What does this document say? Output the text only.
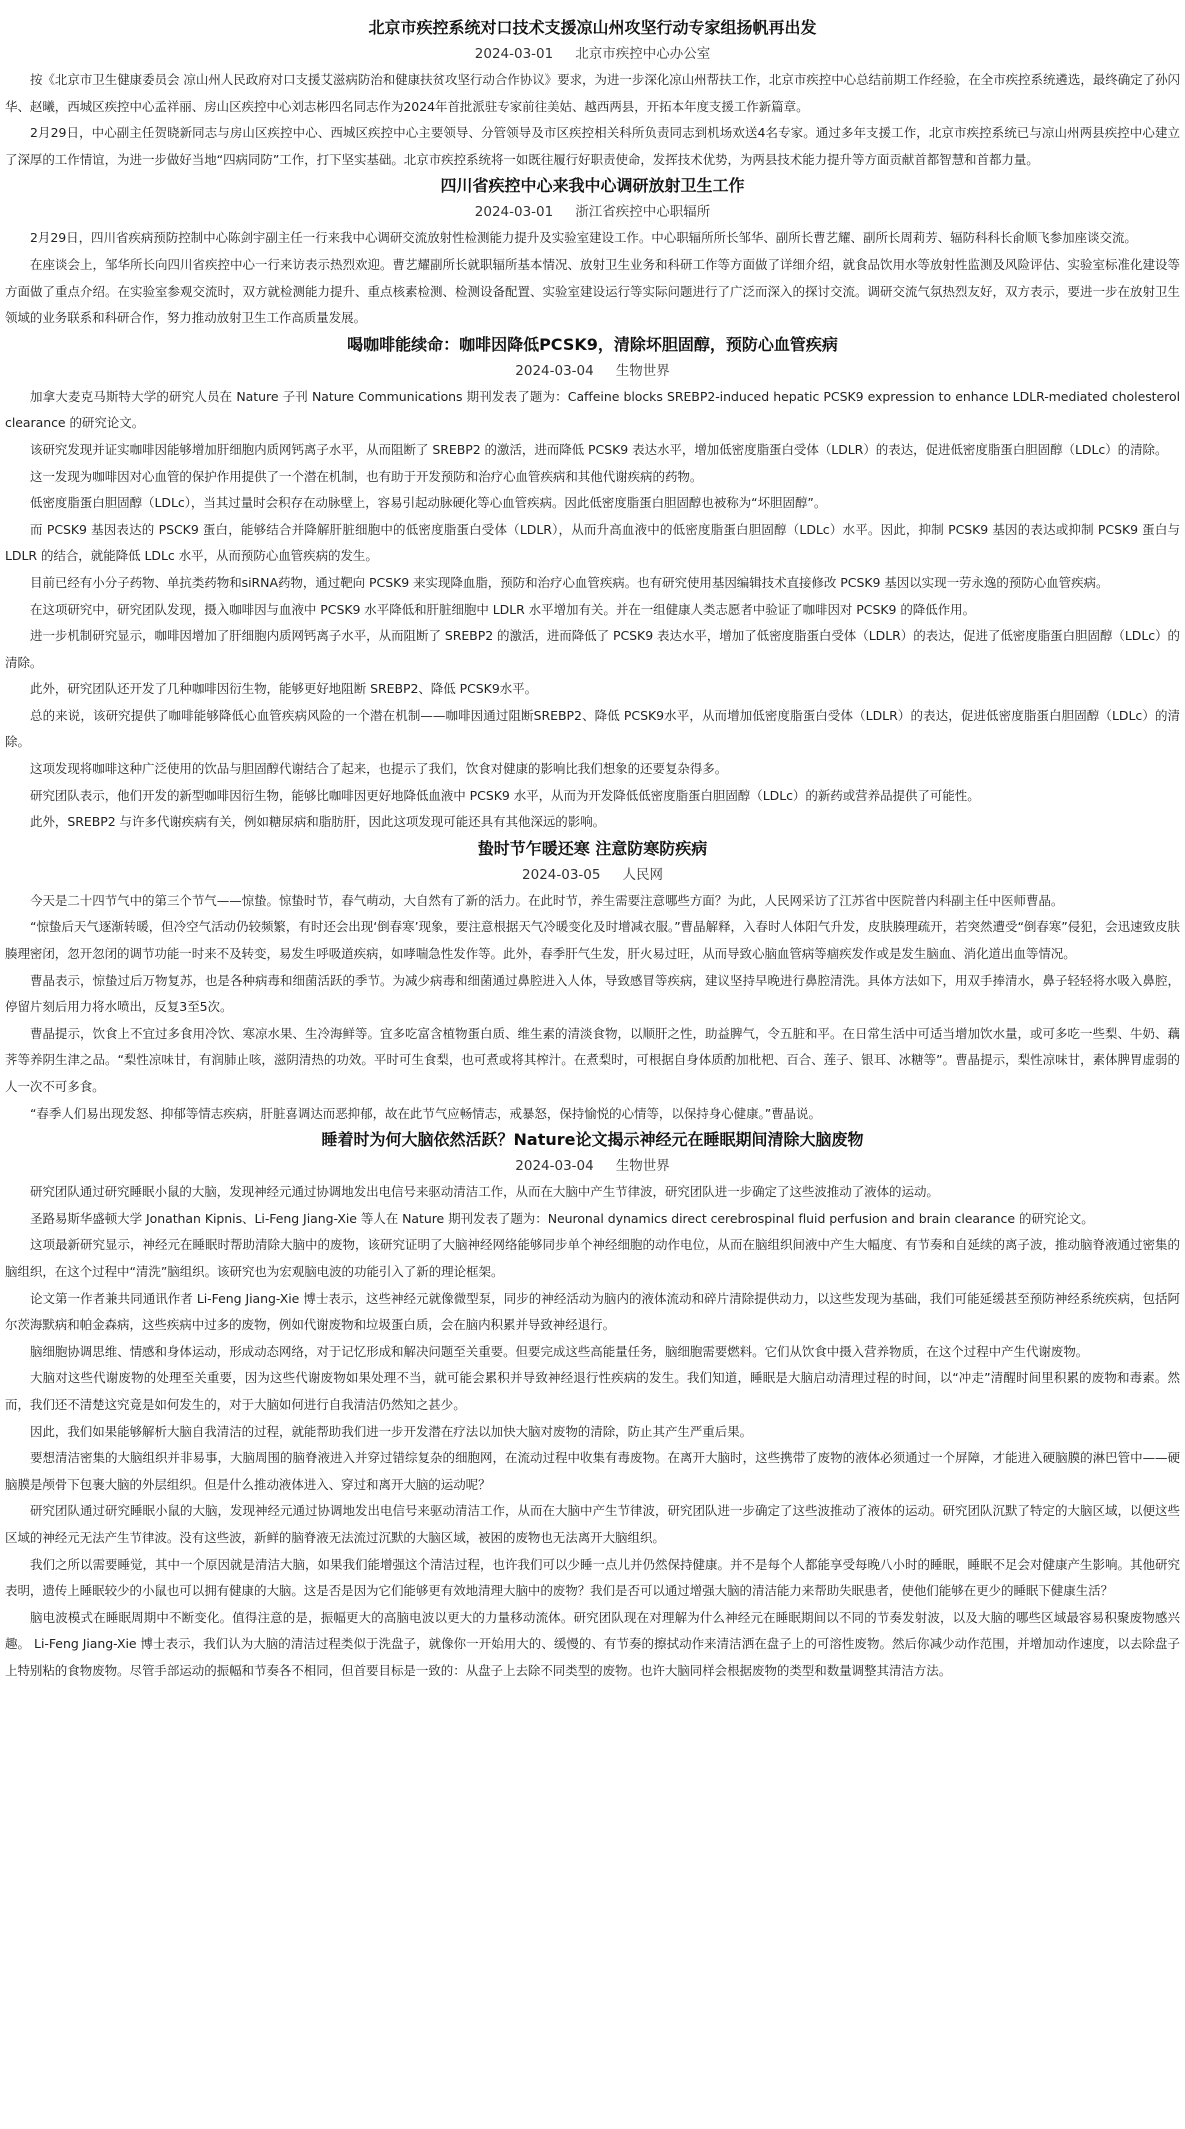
北京市疾控系统对口技术支援凉山州攻坚行动专家组扬帆再出发
2024-03-01 北京市疾控中心办公室

按《北京市卫生健康委员会 凉山州人民政府对口支援艾滋病防治和健康扶贫攻坚行动合作协议》要求，为进一步深化凉山州帮扶工作，北京市疾控中心总结前期工作经验，在全市疾控系统遴选，最终确定了孙闪华、赵曦，西城区疾控中心孟祥丽、房山区疾控中心刘志彬四名同志作为2024年首批派驻专家前往美姑、越西两县，开拓本年度支援工作新篇章。

2月29日，中心副主任贺晓新同志与房山区疾控中心、西城区疾控中心主要领导、分管领导及市区疾控相关科所负责同志到机场欢送4名专家。通过多年支援工作，北京市疾控系统已与凉山州两县疾控中心建立了深厚的工作情谊，为进一步做好当地“四病同防”工作，打下坚实基础。北京市疾控系统将一如既往履行好职责使命，发挥技术优势，为两县技术能力提升等方面贡献首都智慧和首都力量。

四川省疾控中心来我中心调研放射卫生工作
2024-03-01 浙江省疾控中心职辐所

2月29日，四川省疾病预防控制中心陈剑宇副主任一行来我中心调研交流放射性检测能力提升及实验室建设工作。中心职辐所所长邹华、副所长曹艺耀、副所长周莉芳、辐防科科长俞顺飞参加座谈交流。

在座谈会上，邹华所长向四川省疾控中心一行来访表示热烈欢迎。曹艺耀副所长就职辐所基本情况、放射卫生业务和科研工作等方面做了详细介绍，就食品饮用水等放射性监测及风险评估、实验室标准化建设等方面做了重点介绍。在实验室参观交流时，双方就检测能力提升、重点核素检测、检测设备配置、实验室建设运行等实际问题进行了广泛而深入的探讨交流。调研交流气氛热烈友好，双方表示，要进一步在放射卫生领域的业务联系和科研合作，努力推动放射卫生工作高质量发展。

喝咖啡能续命：咖啡因降低PCSK9，清除坏胆固醇，预防心血管疾病
2024-03-04 生物世界

加拿大麦克马斯特大学的研究人员在 Nature 子刊 Nature Communications 期刊发表了题为：Caffeine blocks SREBP2-induced hepatic PCSK9 expression to enhance LDLR-mediated cholesterol clearance 的研究论文。

该研究发现并证实咖啡因能够增加肝细胞内质网钙离子水平，从而阻断了 SREBP2 的激活，进而降低 PCSK9 表达水平，增加低密度脂蛋白受体（LDLR）的表达，促进低密度脂蛋白胆固醇（LDLc）的清除。

这一发现为咖啡因对心血管的保护作用提供了一个潜在机制，也有助于开发预防和治疗心血管疾病和其他代谢疾病的药物。

低密度脂蛋白胆固醇（LDLc），当其过量时会积存在动脉壁上，容易引起动脉硬化等心血管疾病。因此低密度脂蛋白胆固醇也被称为“坏胆固醇”。

而 PCSK9 基因表达的 PSCK9 蛋白，能够结合并降解肝脏细胞中的低密度脂蛋白受体（LDLR），从而升高血液中的低密度脂蛋白胆固醇（LDLc）水平。因此，抑制 PCSK9 基因的表达或抑制 PCSK9 蛋白与 LDLR 的结合，就能降低 LDLc 水平，从而预防心血管疾病的发生。

目前已经有小分子药物、单抗类药物和siRNA药物，通过靶向 PCSK9 来实现降血脂，预防和治疗心血管疾病。也有研究使用基因编辑技术直接修改 PCSK9 基因以实现一劳永逸的预防心血管疾病。

在这项研究中，研究团队发现，摄入咖啡因与血液中 PCSK9 水平降低和肝脏细胞中 LDLR 水平增加有关。并在一组健康人类志愿者中验证了咖啡因对 PCSK9 的降低作用。

进一步机制研究显示，咖啡因增加了肝细胞内质网钙离子水平，从而阻断了 SREBP2 的激活，进而降低了 PCSK9 表达水平，增加了低密度脂蛋白受体（LDLR）的表达，促进了低密度脂蛋白胆固醇（LDLc）的清除。

此外，研究团队还开发了几种咖啡因衍生物，能够更好地阻断 SREBP2、降低 PCSK9水平。

总的来说，该研究提供了咖啡能够降低心血管疾病风险的一个潜在机制——咖啡因通过阻断SREBP2、降低 PCSK9水平，从而增加低密度脂蛋白受体（LDLR）的表达，促进低密度脂蛋白胆固醇（LDLc）的清除。

这项发现将咖啡这种广泛使用的饮品与胆固醇代谢结合了起来，也提示了我们，饮食对健康的影响比我们想象的还要复杂得多。

研究团队表示，他们开发的新型咖啡因衍生物，能够比咖啡因更好地降低血液中 PCSK9 水平，从而为开发降低低密度脂蛋白胆固醇（LDLc）的新药或营养品提供了可能性。

此外，SREBP2 与许多代谢疾病有关，例如糖尿病和脂肪肝，因此这项发现可能还具有其他深远的影响。

蛰时节乍暖还寒 注意防寒防疾病
2024-03-05 人民网

今天是二十四节气中的第三个节气——惊蛰。惊蛰时节，春气萌动，大自然有了新的活力。在此时节，养生需要注意哪些方面？为此，人民网采访了江苏省中医院普内科副主任中医师曹晶。

“惊蛰后天气逐渐转暖，但冷空气活动仍较频繁，有时还会出现‘倒春寒’现象，要注意根据天气冷暖变化及时增减衣服。”曹晶解释，入春时人体阳气升发，皮肤腠理疏开，若突然遭受“倒春寒”侵犯，会迅速致皮肤腠理密闭，忽开忽闭的调节功能一时来不及转变，易发生呼吸道疾病，如哮喘急性发作等。此外，春季肝气生发，肝火易过旺，从而导致心脑血管病等痼疾发作或是发生脑血、消化道出血等情况。

曹晶表示，惊蛰过后万物复苏，也是各种病毒和细菌活跃的季节。为减少病毒和细菌通过鼻腔进入人体，导致感冒等疾病，建议坚持早晚进行鼻腔清洗。具体方法如下，用双手捧清水，鼻子轻轻将水吸入鼻腔，停留片刻后用力将水喷出，反复3至5次。

曹晶提示，饮食上不宜过多食用冷饮、寒凉水果、生冷海鲜等。宜多吃富含植物蛋白质、维生素的清淡食物，以顺肝之性，助益脾气，令五脏和平。在日常生活中可适当增加饮水量，或可多吃一些梨、牛奶、藕荠等养阴生津之品。“梨性凉味甘，有润肺止咳，滋阴清热的功效。平时可生食梨，也可煮或将其榨汁。在煮梨时，可根据自身体质酌加枇杷、百合、莲子、银耳、冰糖等”。曹晶提示，梨性凉味甘，素体脾胃虚弱的人一次不可多食。

“春季人们易出现发怒、抑郁等情志疾病，肝脏喜调达而恶抑郁，故在此节气应畅情志，戒暴怒，保持愉悦的心情等，以保持身心健康。”曹晶说。

睡着时为何大脑依然活跃？Nature论文揭示神经元在睡眠期间清除大脑废物
2024-03-04 生物世界

研究团队通过研究睡眠小鼠的大脑，发现神经元通过协调地发出电信号来驱动清洁工作，从而在大脑中产生节律波，研究团队进一步确定了这些波推动了液体的运动。

圣路易斯华盛顿大学 Jonathan Kipnis、Li-Feng Jiang-Xie 等人在 Nature 期刊发表了题为：Neuronal dynamics direct cerebrospinal fluid perfusion and brain clearance 的研究论文。

这项最新研究显示，神经元在睡眠时帮助清除大脑中的废物，该研究证明了大脑神经网络能够同步单个神经细胞的动作电位，从而在脑组织间液中产生大幅度、有节奏和自延续的离子波，推动脑脊液通过密集的脑组织，在这个过程中“清洗”脑组织。该研究也为宏观脑电波的功能引入了新的理论框架。

论文第一作者兼共同通讯作者 Li-Feng Jiang-Xie 博士表示，这些神经元就像微型泵，同步的神经活动为脑内的液体流动和碎片清除提供动力，以这些发现为基础，我们可能延缓甚至预防神经系统疾病，包括阿尔茨海默病和帕金森病，这些疾病中过多的废物，例如代谢废物和垃圾蛋白质，会在脑内积累并导致神经退行。

脑细胞协调思维、情感和身体运动，形成动态网络，对于记忆形成和解决问题至关重要。但要完成这些高能量任务，脑细胞需要燃料。它们从饮食中摄入营养物质，在这个过程中产生代谢废物。

大脑对这些代谢废物的处理至关重要，因为这些代谢废物如果处理不当，就可能会累积并导致神经退行性疾病的发生。我们知道，睡眠是大脑启动清理过程的时间，以“冲走”清醒时间里积累的废物和毒素。然而，我们还不清楚这究竟是如何发生的，对于大脑如何进行自我清洁仍然知之甚少。

因此，我们如果能够解析大脑自我清洁的过程，就能帮助我们进一步开发潜在疗法以加快大脑对废物的清除，防止其产生严重后果。

要想清洁密集的大脑组织并非易事，大脑周围的脑脊液进入并穿过错综复杂的细胞网，在流动过程中收集有毒废物。在离开大脑时，这些携带了废物的液体必须通过一个屏障，才能进入硬脑膜的淋巴管中——硬脑膜是颅骨下包裹大脑的外层组织。但是什么推动液体进入、穿过和离开大脑的运动呢？

研究团队通过研究睡眠小鼠的大脑，发现神经元通过协调地发出电信号来驱动清洁工作，从而在大脑中产生节律波，研究团队进一步确定了这些波推动了液体的运动。研究团队沉默了特定的大脑区域，以便这些区域的神经元无法产生节律波。没有这些波，新鲜的脑脊液无法流过沉默的大脑区域，被困的废物也无法离开大脑组织。

我们之所以需要睡觉，其中一个原因就是清洁大脑，如果我们能增强这个清洁过程，也许我们可以少睡一点儿并仍然保持健康。并不是每个人都能享受每晚八小时的睡眠，睡眠不足会对健康产生影响。其他研究表明，遗传上睡眠较少的小鼠也可以拥有健康的大脑。这是否是因为它们能够更有效地清理大脑中的废物？我们是否可以通过增强大脑的清洁能力来帮助失眠患者，使他们能够在更少的睡眠下健康生活？

脑电波模式在睡眠周期中不断变化。值得注意的是，振幅更大的高脑电波以更大的力量移动流体。研究团队现在对理解为什么神经元在睡眠期间以不同的节奏发射波，以及大脑的哪些区域最容易积聚废物感兴趣。 Li-Feng Jiang-Xie 博士表示，我们认为大脑的清洁过程类似于洗盘子，就像你一开始用大的、缓慢的、有节奏的擦拭动作来清洁洒在盘子上的可溶性废物。然后你减少动作范围，并增加动作速度，以去除盘子上特别粘的食物废物。尽管手部运动的振幅和节奏各不相同，但首要目标是一致的：从盘子上去除不同类型的废物。也许大脑同样会根据废物的类型和数量调整其清洁方法。
